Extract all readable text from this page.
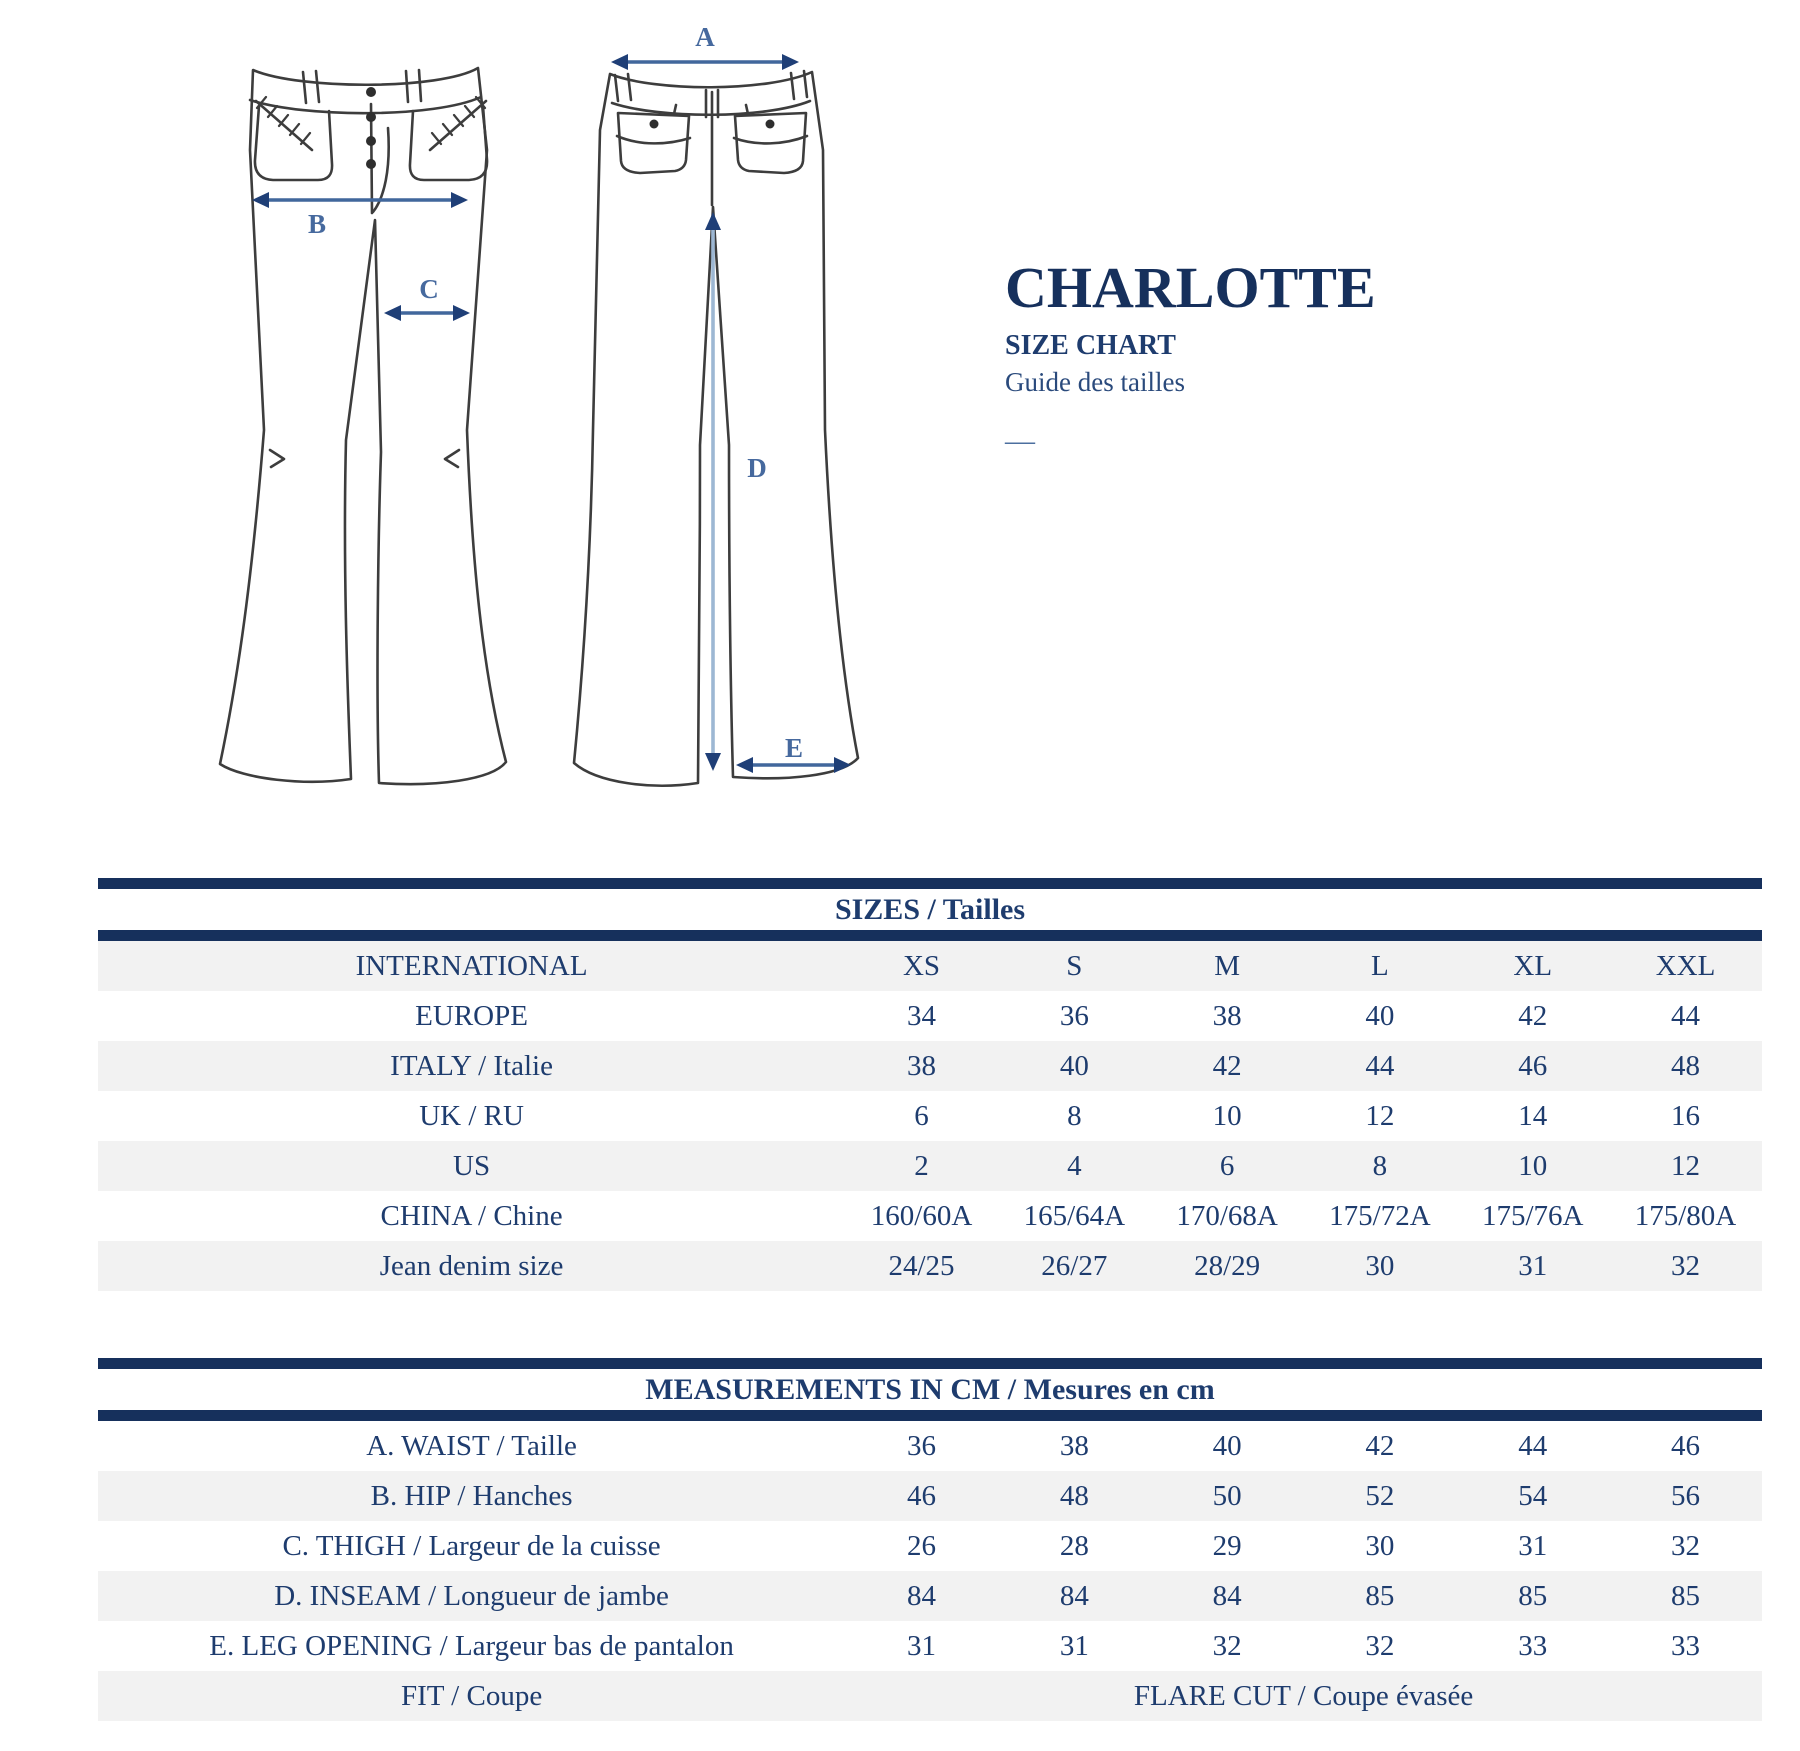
A
B
C
D
E
CHARLOTTE
SIZE CHART
Guide des tailles
—
SIZES / Tailles
INTERNATIONAL	XS	S	M	L	XL	XXL
EUROPE	34	36	38	40	42	44
ITALY / Italie	38	40	42	44	46	48
UK / RU	6	8	10	12	14	16
US	2	4	6	8	10	12
CHINA / Chine	160/60A	165/64A	170/68A	175/72A	175/76A	175/80A
Jean denim size	24/25	26/27	28/29	30	31	32
MEASUREMENTS IN CM / Mesures en cm
A. WAIST / Taille	36	38	40	42	44	46
B. HIP / Hanches	46	48	50	52	54	56
C. THIGH / Largeur de la cuisse	26	28	29	30	31	32
D. INSEAM / Longueur de jambe	84	84	84	85	85	85
E. LEG OPENING / Largeur bas de pantalon	31	31	32	32	33	33
FIT / Coupe	FLARE CUT / Coupe évasée
